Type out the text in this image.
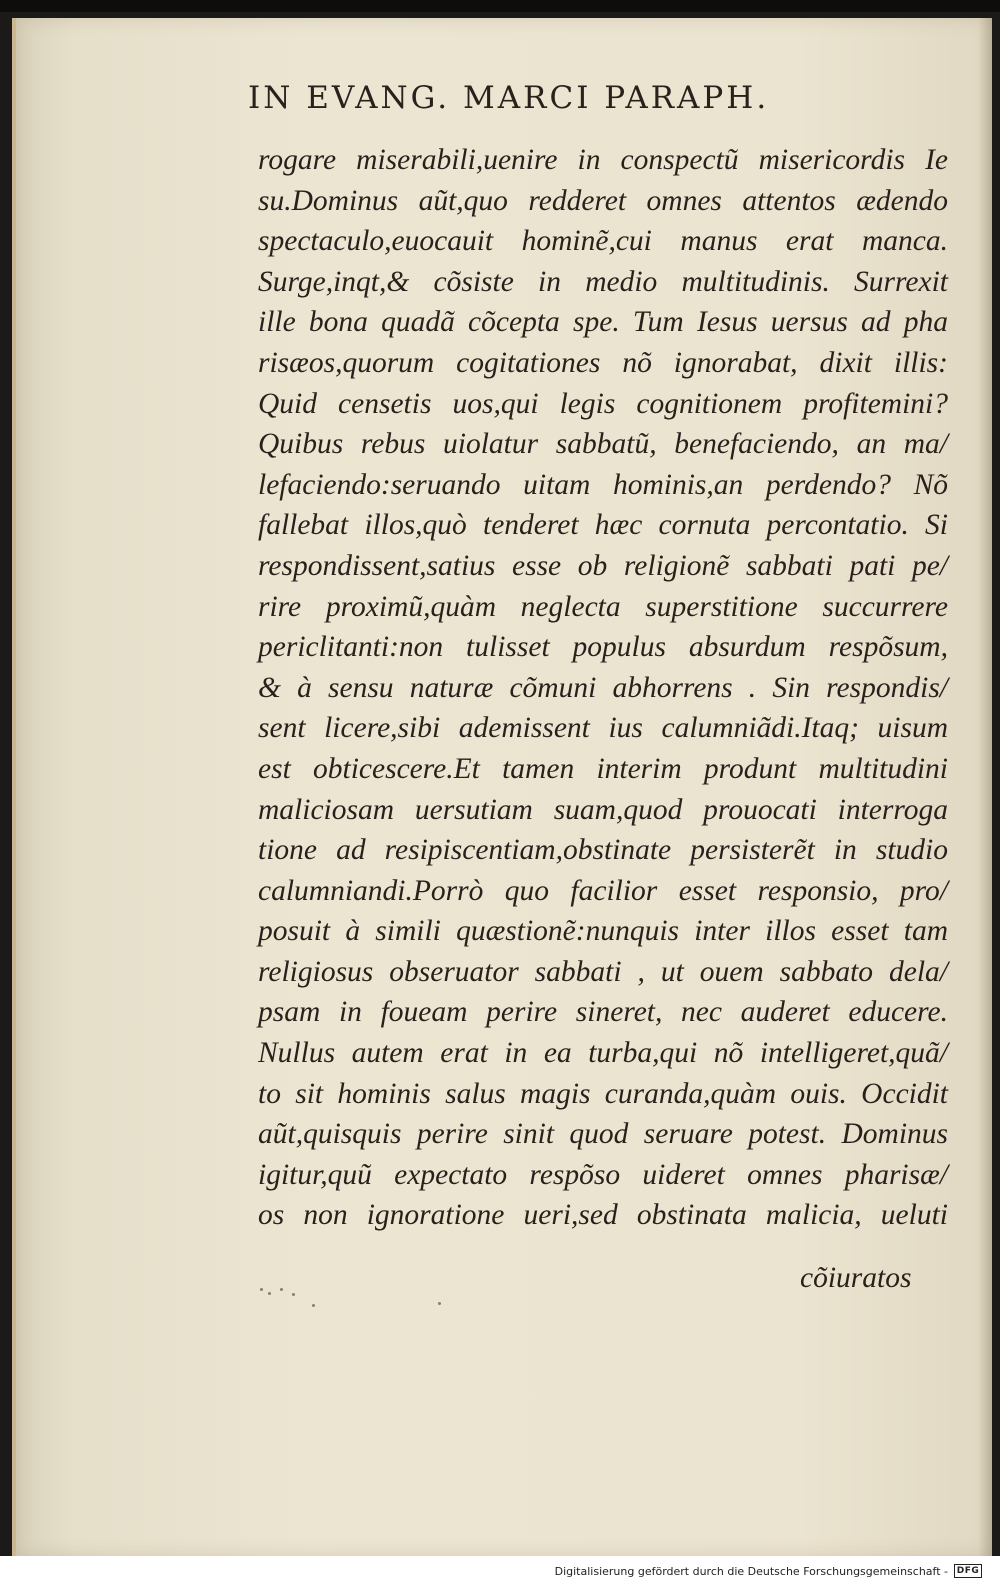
IN EVANG. MARCI PARAPH.
rogare miserabili,uenire in conspectũ misericordis Ie
su.Dominus aũt,quo redderet omnes attentos ædendo
spectaculo,euocauit hominẽ,cui manus erat manca.
Surge,inqt,& cõsiste in medio multitudinis. Surrexit
ille bona quadã cõcepta spe. Tum Iesus uersus ad pha
risæos,quorum cogitationes nõ ignorabat, dixit illis:
Quid censetis uos,qui legis cognitionem profitemini?
Quibus rebus uiolatur sabbatũ, benefaciendo, an ma/
lefaciendo:seruando uitam hominis,an perdendo? Nõ
fallebat illos,quò tenderet hæc cornuta percontatio. Si
respondissent,satius esse ob religionẽ sabbati pati pe/
rire proximũ,quàm neglecta superstitione succurrere
periclitanti:non tulisset populus absurdum respõsum,
& à sensu naturæ cõmuni abhorrens . Sin respondis/
sent licere,sibi ademissent ius calumniãdi.Itaq; uisum
est obticescere.Et tamen interim produnt multitudini
maliciosam uersutiam suam,quod prouocati interroga
tione ad resipiscentiam,obstinate persisterẽt in studio
calumniandi.Porrò quo facilior esset responsio, pro/
posuit à simili quæstionẽ:nunquis inter illos esset tam
religiosus obseruator sabbati , ut ouem sabbato dela/
psam in foueam perire sineret, nec auderet educere.
Nullus autem erat in ea turba,qui nõ intelligeret,quã/
to sit hominis salus magis curanda,quàm ouis. Occidit
aũt,quisquis perire sinit quod seruare potest. Dominus
igitur,quũ expectato respõso uideret omnes pharisæ/
os non ignoratione ueri,sed obstinata malicia, ueluti
cõiuratos
Digitalisierung gefördert durch die Deutsche Forschungsgemeinschaft - DFG
